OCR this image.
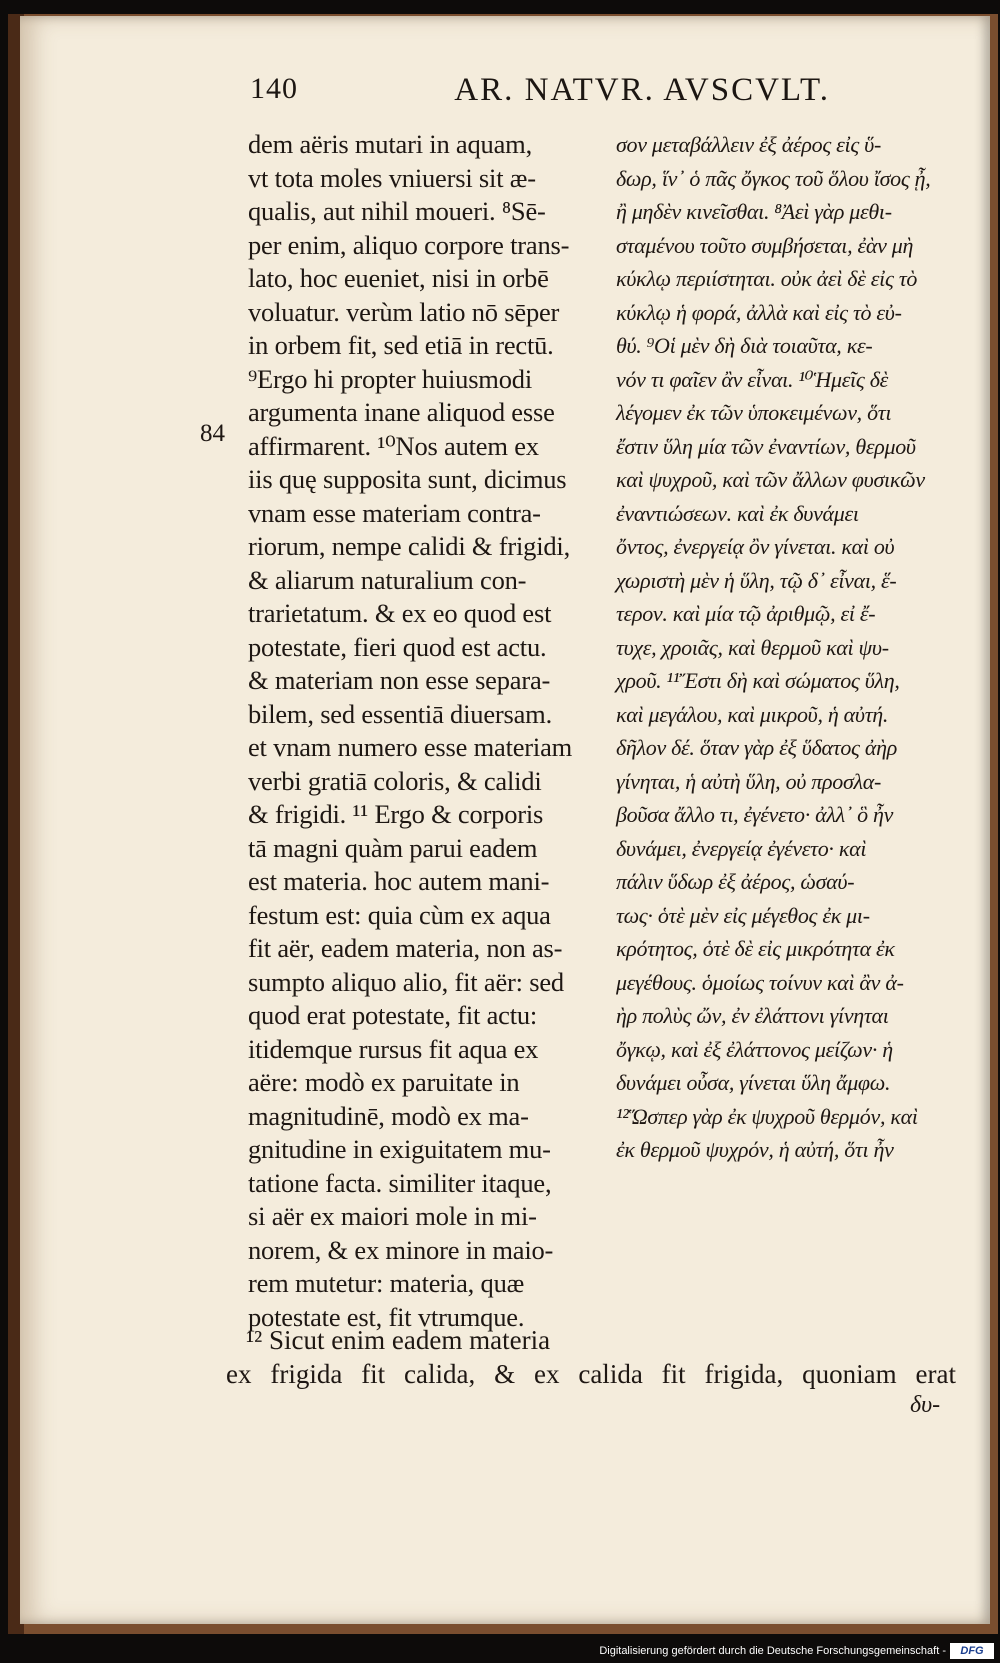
140	AR. NATVR. AVSCVLT.
84
dem aëris mutari in aquam,
vt tota moles vniuersi sit æ-
qualis, aut nihil moueri. ⁸Sē-
per enim, aliquo corpore trans-
lato, hoc eueniet, nisi in orbē
voluatur. verùm latio nō sēper
in orbem fit, sed etiā in rectū.
⁹Ergo hi propter huiusmodi
argumenta inane aliquod esse
affirmarent. ¹⁰Nos autem ex
iis quę supposita sunt, dicimus
vnam esse materiam contra-
riorum, nempe calidi & frigidi,
& aliarum naturalium con-
trarietatum. & ex eo quod est
potestate, fieri quod est actu.
& materiam non esse separa-
bilem, sed essentiā diuersam.
et vnam numero esse materiam
verbi gratiā coloris, & calidi
& frigidi. ¹¹ Ergo & corporis
tā magni quàm parui eadem
est materia. hoc autem mani-
festum est: quia cùm ex aqua
fit aër, eadem materia, non as-
sumpto aliquo alio, fit aër: sed
quod erat potestate, fit actu:
itidemque rursus fit aqua ex
aëre: modò ex paruitate in
magnitudinē, modò ex ma-
gnitudine in exiguitatem mu-
tatione facta. similiter itaque,
si aër ex maiori mole in mi-
norem, & ex minore in maio-
rem mutetur: materia, quæ
potestate est, fit vtrumque.
σον μεταβάλλειν ἐξ ἀέρος εἰς ὕ-
δωρ, ἵν᾽ ὁ πᾶς ὄγκος τοῦ ὅλου ἴσος ᾖ,
ἢ μηδὲν κινεῖσθαι. ⁸Ἀεὶ γὰρ μεθι-
σταμένου τοῦτο συμβήσεται, ἐὰν μὴ
κύκλῳ περιίστηται. οὐκ ἀεὶ δὲ εἰς τὸ
κύκλῳ ἡ φορά, ἀλλὰ καὶ εἰς τὸ εὐ-
θύ. ⁹Οἱ μὲν δὴ διὰ τοιαῦτα, κε-
νόν τι φαῖεν ἂν εἶναι. ¹⁰Ἡμεῖς δὲ
λέγομεν ἐκ τῶν ὑποκειμένων, ὅτι
ἔστιν ὕλη μία τῶν ἐναντίων, θερμοῦ
καὶ ψυχροῦ, καὶ τῶν ἄλλων φυσικῶν
ἐναντιώσεων. καὶ ἐκ δυνάμει
ὄντος, ἐνεργείᾳ ὂν γίνεται. καὶ οὐ
χωριστὴ μὲν ἡ ὕλη, τῷ δ᾽ εἶναι, ἕ-
τερον. καὶ μία τῷ ἀριθμῷ, εἰ ἔ-
τυχε, χροιᾶς, καὶ θερμοῦ καὶ ψυ-
χροῦ. ¹¹Ἔστι δὴ καὶ σώματος ὕλη,
καὶ μεγάλου, καὶ μικροῦ, ἡ αὐτή.
δῆλον δέ. ὅταν γὰρ ἐξ ὕδατος ἀὴρ
γίνηται, ἡ αὐτὴ ὕλη, οὐ προσλα-
βοῦσα ἄλλο τι, ἐγένετο· ἀλλ᾽ ὃ ἦν
δυνάμει, ἐνεργείᾳ ἐγένετο· καὶ
πάλιν ὕδωρ ἐξ ἀέρος, ὡσαύ-
τως· ὁτὲ μὲν εἰς μέγεθος ἐκ μι-
κρότητος, ὁτὲ δὲ εἰς μικρότητα ἐκ
μεγέθους. ὁμοίως τοίνυν καὶ ἂν ἀ-
ὴρ πολὺς ὤν, ἐν ἐλάττονι γίνηται
ὄγκῳ, καὶ ἐξ ἐλάττονος μείζων· ἡ
δυνάμει οὖσα, γίνεται ὕλη ἄμφω.
¹²Ὥσπερ γὰρ ἐκ ψυχροῦ θερμόν, καὶ
ἐκ θερμοῦ ψυχρόν, ἡ αὐτή, ὅτι ἦν
¹² Sicut enim eadem materia
ex frigida fit calida, & ex calida fit frigida, quoniam erat
δυ-
Digitalisierung gefördert durch die Deutsche Forschungsgemeinschaft -	DFG
